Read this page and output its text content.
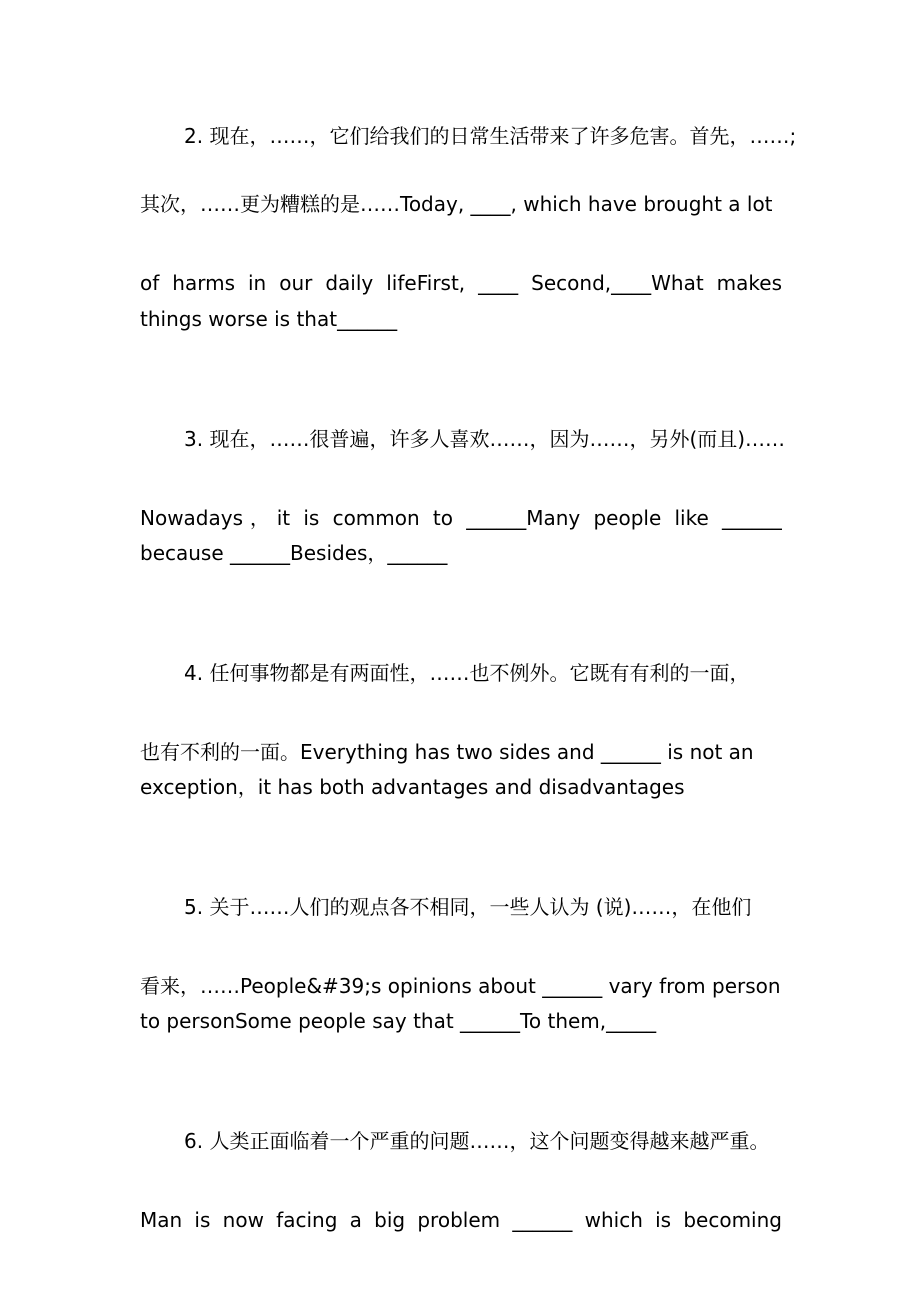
2. 现在，……，它们给我们的日常生活带来了许多危害。首先，……;
其次，……更为糟糕的是……Today, ____, which have brought a lot
of harms in our daily lifeFirst, ____ Second,____What makes
things worse is that______
3. 现在，……很普遍，许多人喜欢……，因为……，另外(而且)……
Nowadays，it is common to ______Many people like ______
because ______Besides，______
4. 任何事物都是有两面性，……也不例外。它既有有利的一面，
也有不利的一面。Everything has two sides and ______ is not an
exception，it has both advantages and disadvantages
5. 关于……人们的观点各不相同，一些人认为 (说)……，在他们
看来，……People&#39;s opinions about ______ vary from person
to personSome people say that ______To them,_____
6. 人类正面临着一个严重的问题……，这个问题变得越来越严重。
Man is now facing a big problem ______ which is becoming
